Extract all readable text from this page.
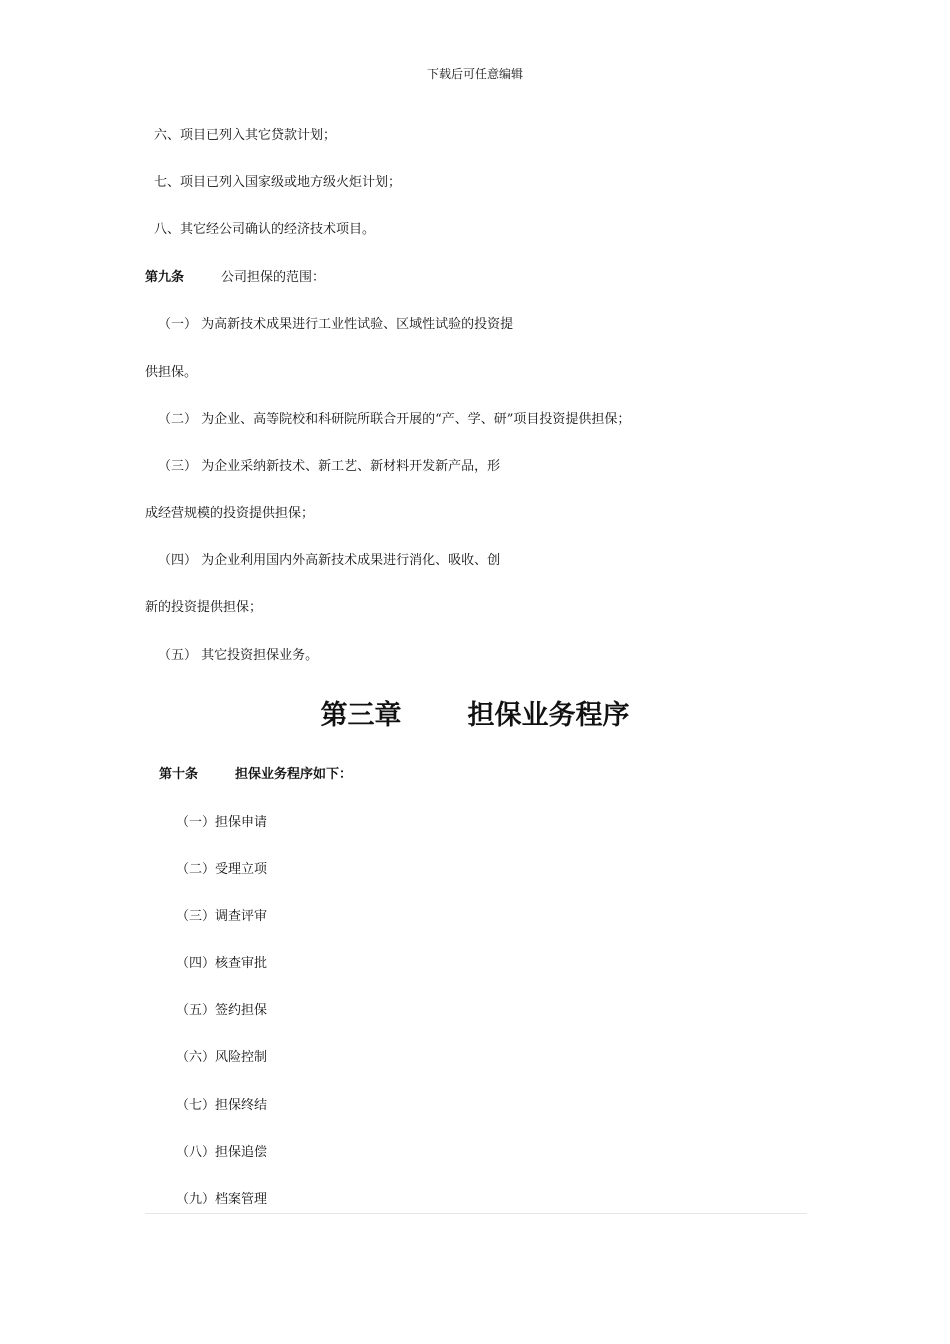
下载后可任意编辑
六、项目已列入其它贷款计划；
七、项目已列入国家级或地方级火炬计划；
八、其它经公司确认的经济技术项目。
第九条	公司担保的范围：
（一） 为高新技术成果进行工业性试验、区域性试验的投资提
供担保。
（二） 为企业、高等院校和科研院所联合开展的“产、学、研”项目投资提供担保；
（三） 为企业采纳新技术、新工艺、新材料开发新产品，形
成经营规模的投资提供担保；
（四） 为企业利用国内外高新技术成果进行消化、吸收、创
新的投资提供担保；
（五） 其它投资担保业务。
第三章 担保业务程序
第十条	担保业务程序如下：
（一）担保申请
（二）受理立项
（三）调查评审
（四）核查审批
（五）签约担保
（六）风险控制
（七）担保终结
（八）担保追偿
（九）档案管理
